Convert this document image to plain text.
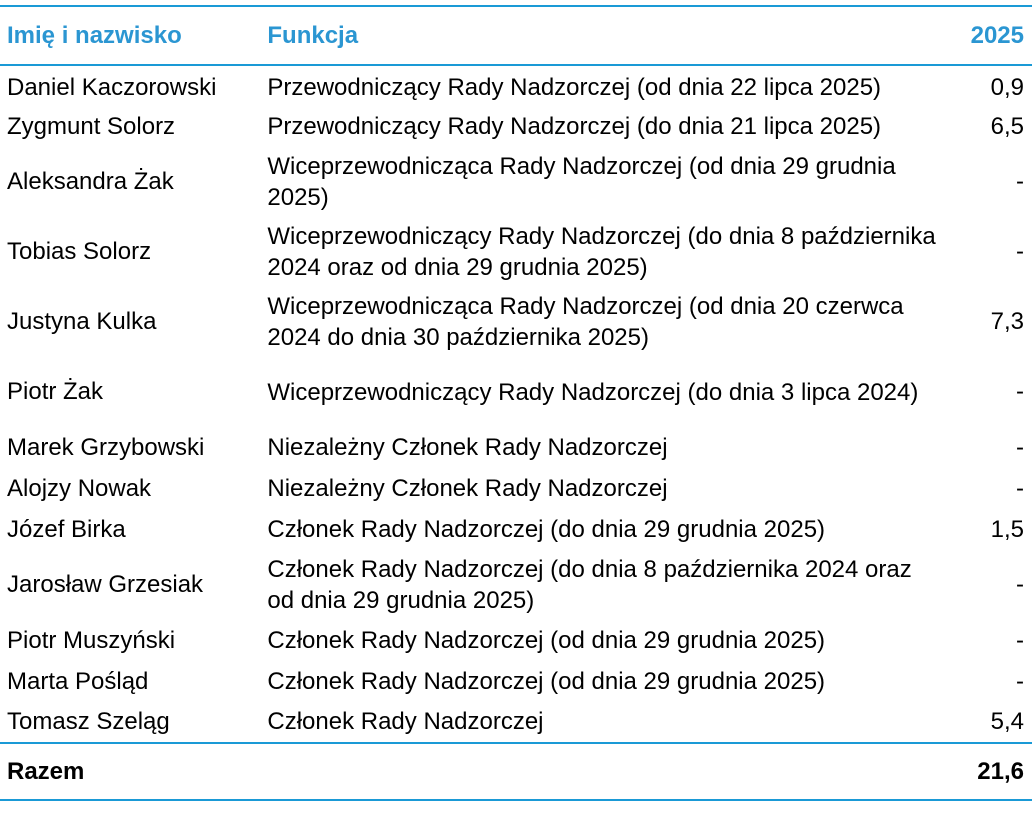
Imię i nazwisko	Funkcja	2025
Daniel Kaczorowski	Przewodniczący Rady Nadzorczej (od dnia 22 lipca 2025)	0,9
Zygmunt Solorz	Przewodniczący Rady Nadzorczej (do dnia 21 lipca 2025)	6,5
Aleksandra Żak	Wiceprzewodnicząca Rady Nadzorczej (od dnia 29 grudnia 2025)	-
Tobias Solorz	Wiceprzewodniczący Rady Nadzorczej (do dnia 8 października 2024 oraz od dnia 29 grudnia 2025)	-
Justyna Kulka	Wiceprzewodnicząca Rady Nadzorczej (od dnia 20 czerwca 2024 do dnia 30 października 2025)	7,3
Piotr Żak	Wiceprzewodniczący Rady Nadzorczej (do dnia 3 lipca 2024)	-
Marek Grzybowski	Niezależny Członek Rady Nadzorczej	-
Alojzy Nowak	Niezależny Członek Rady Nadzorczej	-
Józef Birka	Członek Rady Nadzorczej (do dnia 29 grudnia 2025)	1,5
Jarosław Grzesiak	Członek Rady Nadzorczej (do dnia 8 października 2024 oraz od dnia 29 grudnia 2025)	-
Piotr Muszyński	Członek Rady Nadzorczej (od dnia 29 grudnia 2025)	-
Marta Pośląd	Członek Rady Nadzorczej (od dnia 29 grudnia 2025)	-
Tomasz Szeląg	Członek Rady Nadzorczej	5,4
Razem		21,6
